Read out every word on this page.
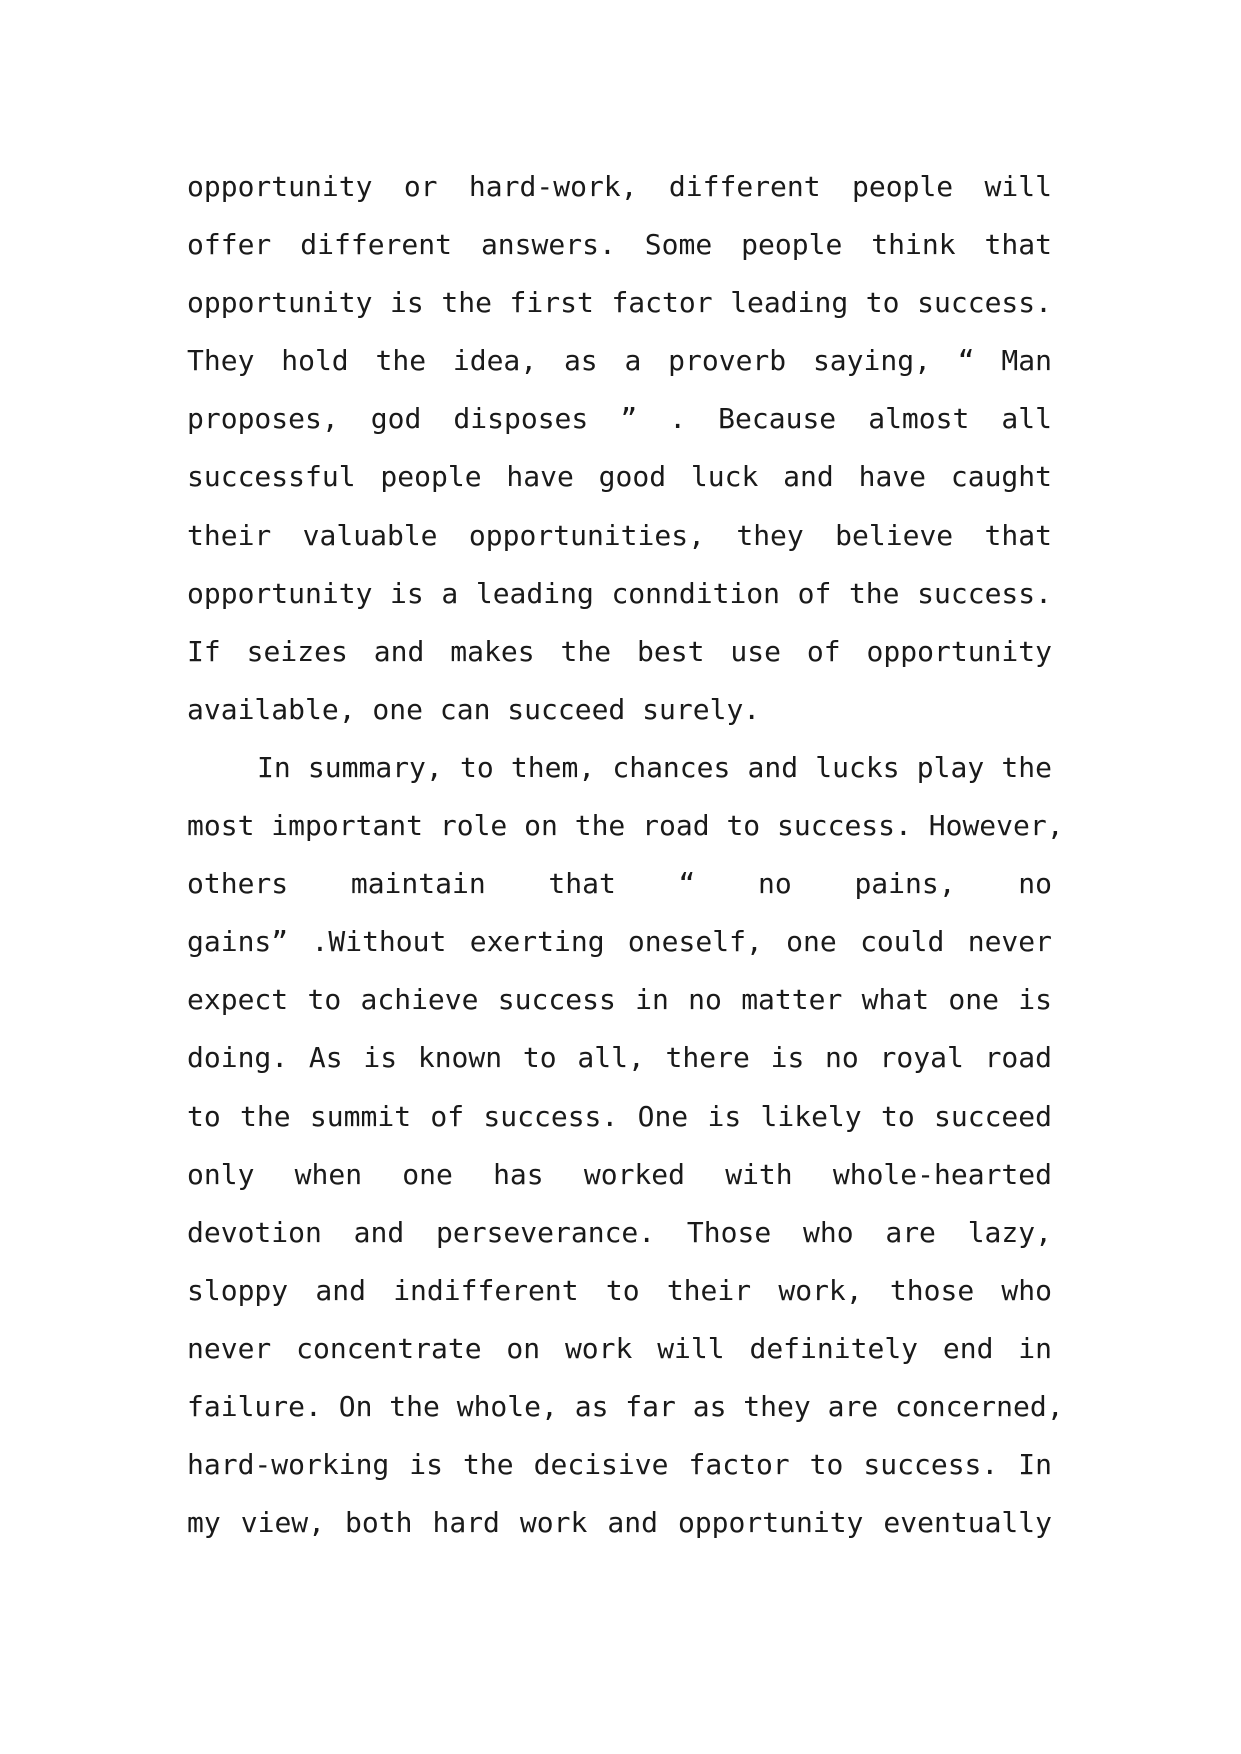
opportunity or hard-work, different people will
offer different answers. Some people think that
opportunity is the first factor leading to success.
They hold the idea, as a proverb saying, “ Man
proposes, god disposes ” . Because almost all
successful people have good luck and have caught
their valuable opportunities, they believe that
opportunity is a leading conndition of the success.
If seizes and makes the best use of opportunity
available, one can succeed surely.
In summary, to them, chances and lucks play the
most important role on the road to success. However,
others maintain that “ no pains, no
gains” .Without exerting oneself, one could never
expect to achieve success in no matter what one is
doing. As is known to all, there is no royal road
to the summit of success. One is likely to succeed
only when one has worked with whole-hearted
devotion and perseverance. Those who are lazy,
sloppy and indifferent to their work, those who
never concentrate on work will definitely end in
failure. On the whole, as far as they are concerned,
hard-working is the decisive factor to success. In
my view, both hard work and opportunity eventually
